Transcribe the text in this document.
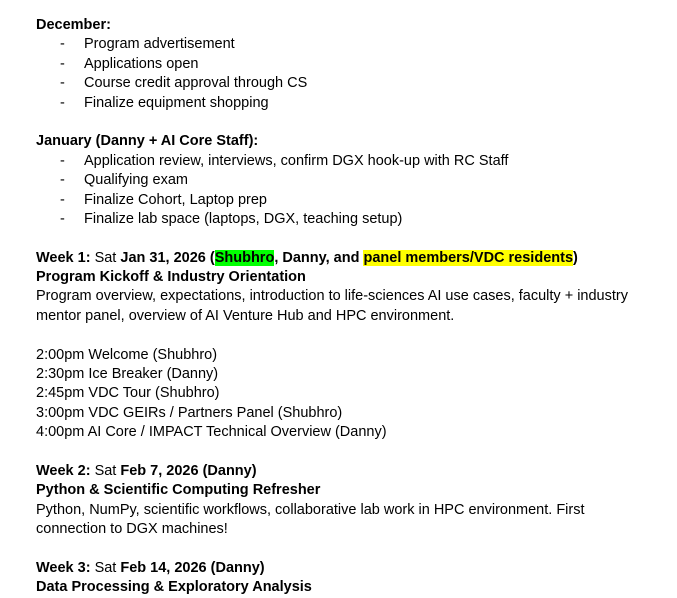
December:
- Program advertisement
- Applications open
- Course credit approval through CS
- Finalize equipment shopping
January (Danny + AI Core Staff):
- Application review, interviews, confirm DGX hook-up with RC Staff
- Qualifying exam
- Finalize Cohort, Laptop prep
- Finalize lab space (laptops, DGX, teaching setup)
Week 1: Sat Jan 31, 2026 (Shubhro, Danny, and panel members/VDC residents)
Program Kickoff & Industry Orientation
Program overview, expectations, introduction to life-sciences AI use cases, faculty + industry mentor panel, overview of AI Venture Hub and HPC environment.
2:00pm Welcome (Shubhro)
2:30pm Ice Breaker (Danny)
2:45pm VDC Tour (Shubhro)
3:00pm VDC GEIRs / Partners Panel (Shubhro)
4:00pm AI Core / IMPACT Technical Overview (Danny)
Week 2: Sat Feb 7, 2026 (Danny)
Python & Scientific Computing Refresher
Python, NumPy, scientific workflows, collaborative lab work in HPC environment. First connection to DGX machines!
Week 3: Sat Feb 14, 2026 (Danny)
Data Processing & Exploratory Analysis
